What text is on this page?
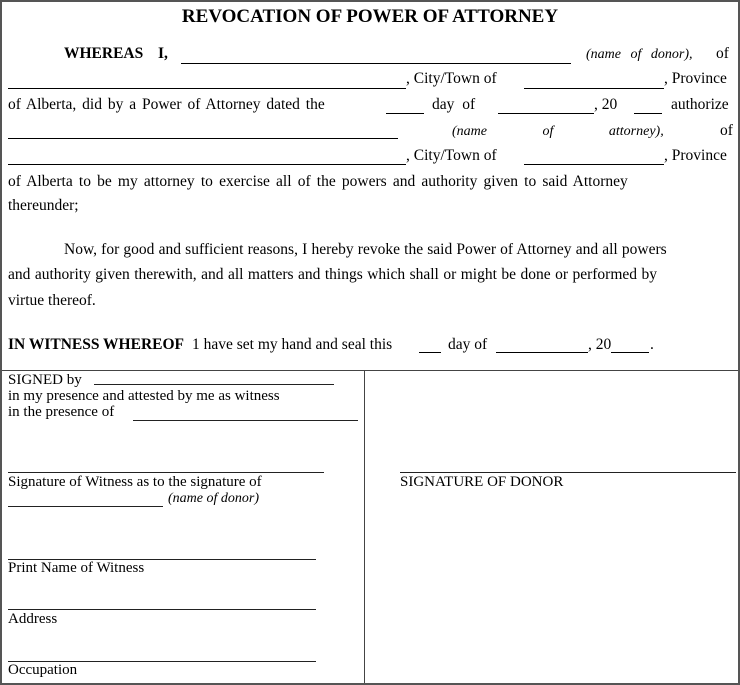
REVOCATION OF POWER OF ATTORNEY
WHEREAS I,	(name of donor), of
, City/Town of	, Province
of Alberta, did by a Power of Attorney dated the	day of	, 20	authorize
(name of attorney),	of
, City/Town of	, Province
of Alberta to be my attorney to exercise all of the powers and authority given to said Attorney
thereunder;
Now, for good and sufficient reasons, I hereby revoke the said Power of Attorney and all powers
and authority given therewith, and all matters and things which shall or might be done or performed by
virtue thereof.
IN WITNESS WHEREOF 1 have set my hand and seal this	day of	, 20	.
SIGNED by
in my presence and attested by me as witness
in the presence of
Signature of Witness as to the signature of
(name of donor)
Print Name of Witness
Address
Occupation
SIGNATURE OF DONOR
